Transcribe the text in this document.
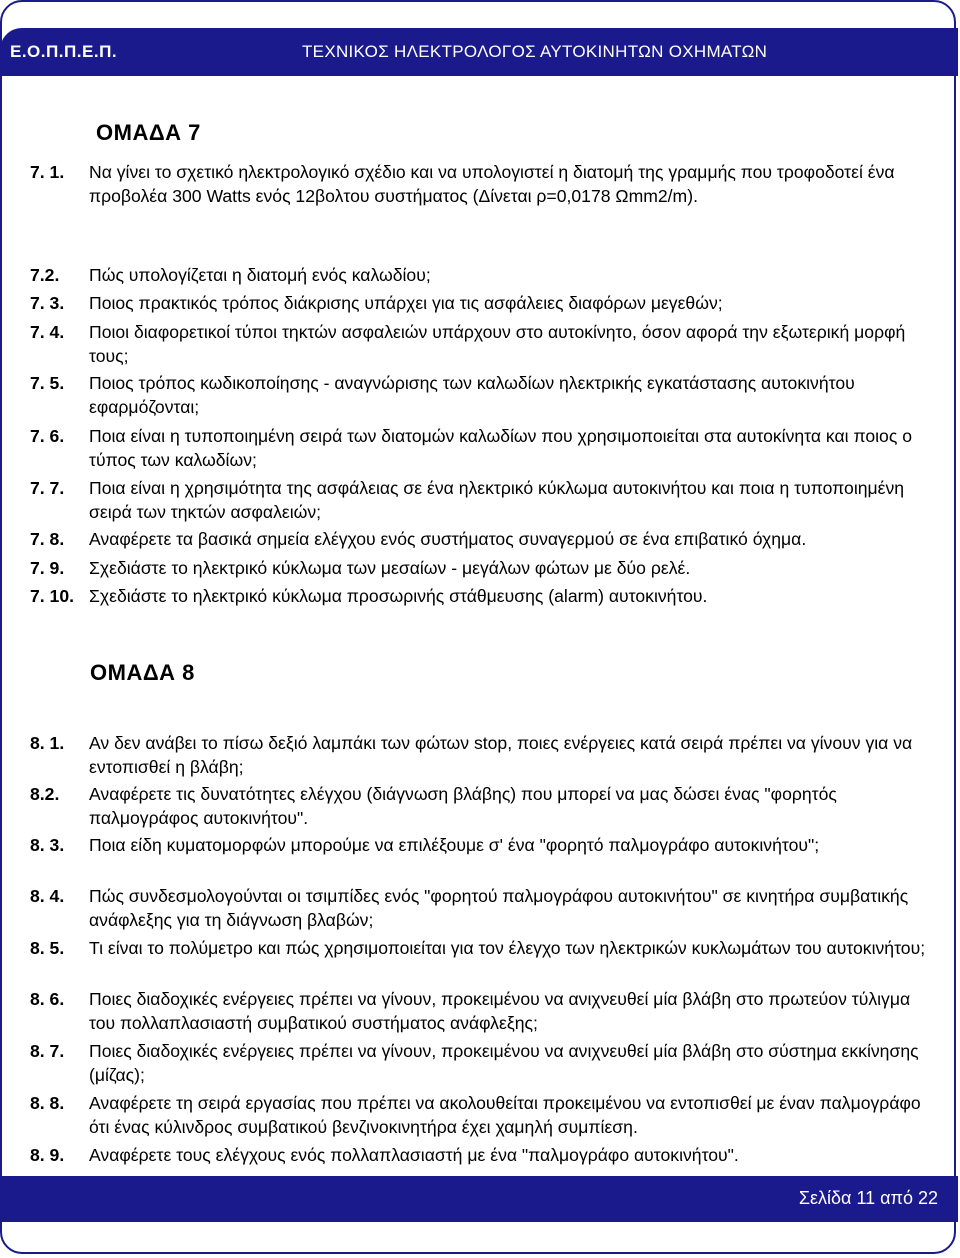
Ε.Ο.Π.Π.Ε.Π.	ΤΕΧΝΙΚΟΣ ΗΛΕΚΤΡΟΛΟΓΟΣ ΑΥΤΟΚΙΝΗΤΩΝ ΟΧΗΜΑΤΩΝ
ΟΜΑΔΑ 7
7. 1. Να γίνει το σχετικό ηλεκτρολογικό σχέδιο και να υπολογιστεί η διατομή της γραμμής που τροφοδοτεί ένα προβολέα 300 Watts ενός 12βολτου συστήματος (Δίνεται ρ=0,0178 Ωmm2/m).
7.2. Πώς υπολογίζεται η διατομή ενός καλωδίου;
7. 3. Ποιος πρακτικός τρόπος διάκρισης υπάρχει για τις ασφάλειες διαφόρων μεγεθών;
7. 4. Ποιοι διαφορετικοί τύποι τηκτών ασφαλειών υπάρχουν στο αυτοκίνητο, όσον αφορά την εξωτερική μορφή τους;
7. 5. Ποιος τρόπος κωδικοποίησης - αναγνώρισης των καλωδίων ηλεκτρικής εγκατάστασης αυτοκινήτου εφαρμόζονται;
7. 6. Ποια είναι η τυποποιημένη σειρά των διατομών καλωδίων που χρησιμοποιείται στα αυτοκίνητα και ποιος ο τύπος των καλωδίων;
7. 7. Ποια είναι η χρησιμότητα της ασφάλειας σε ένα ηλεκτρικό κύκλωμα αυτοκινήτου και ποια η τυποποιημένη σειρά των τηκτών ασφαλειών;
7. 8. Αναφέρετε τα βασικά σημεία ελέγχου ενός συστήματος συναγερμού σε ένα επιβατικό όχημα.
7. 9. Σχεδιάστε το ηλεκτρικό κύκλωμα των μεσαίων - μεγάλων φώτων με δύο ρελέ.
7. 10. Σχεδιάστε το ηλεκτρικό κύκλωμα προσωρινής στάθμευσης (alarm) αυτοκινήτου.
ΟΜΑΔΑ 8
8. 1. Αν δεν ανάβει το πίσω δεξιό λαμπάκι των φώτων stop, ποιες ενέργειες κατά σειρά πρέπει να γίνουν για να εντοπισθεί η βλάβη;
8.2. Αναφέρετε τις δυνατότητες ελέγχου (διάγνωση βλάβης) που μπορεί να μας δώσει ένας "φορητός παλμογράφος αυτοκινήτου".
8. 3. Ποια είδη κυματομορφών μπορούμε να επιλέξουμε σ' ένα "φορητό παλμογράφο αυτοκινήτου";
8. 4. Πώς συνδεσμολογούνται οι τσιμπίδες ενός "φορητού παλμογράφου αυτοκινήτου" σε κινητήρα συμβατικής ανάφλεξης για τη διάγνωση βλαβών;
8. 5. Τι είναι το πολύμετρο και πώς χρησιμοποιείται για τον έλεγχο των ηλεκτρικών κυκλωμάτων του αυτοκινήτου;
8. 6. Ποιες διαδοχικές ενέργειες πρέπει να γίνουν, προκειμένου να ανιχνευθεί μία βλάβη στο πρωτεύον τύλιγμα του πολλαπλασιαστή συμβατικού συστήματος ανάφλεξης;
8. 7. Ποιες διαδοχικές ενέργειες πρέπει να γίνουν, προκειμένου να ανιχνευθεί μία βλάβη στο σύστημα εκκίνησης (μίζας);
8. 8. Αναφέρετε τη σειρά εργασίας που πρέπει να ακολουθείται προκειμένου να εντοπισθεί με έναν παλμογράφο ότι ένας κύλινδρος συμβατικού βενζινοκινητήρα έχει χαμηλή συμπίεση.
8. 9. Αναφέρετε τους ελέγχους ενός πολλαπλασιαστή με ένα "παλμογράφο αυτοκινήτου".
Σελίδα 11 από 22
